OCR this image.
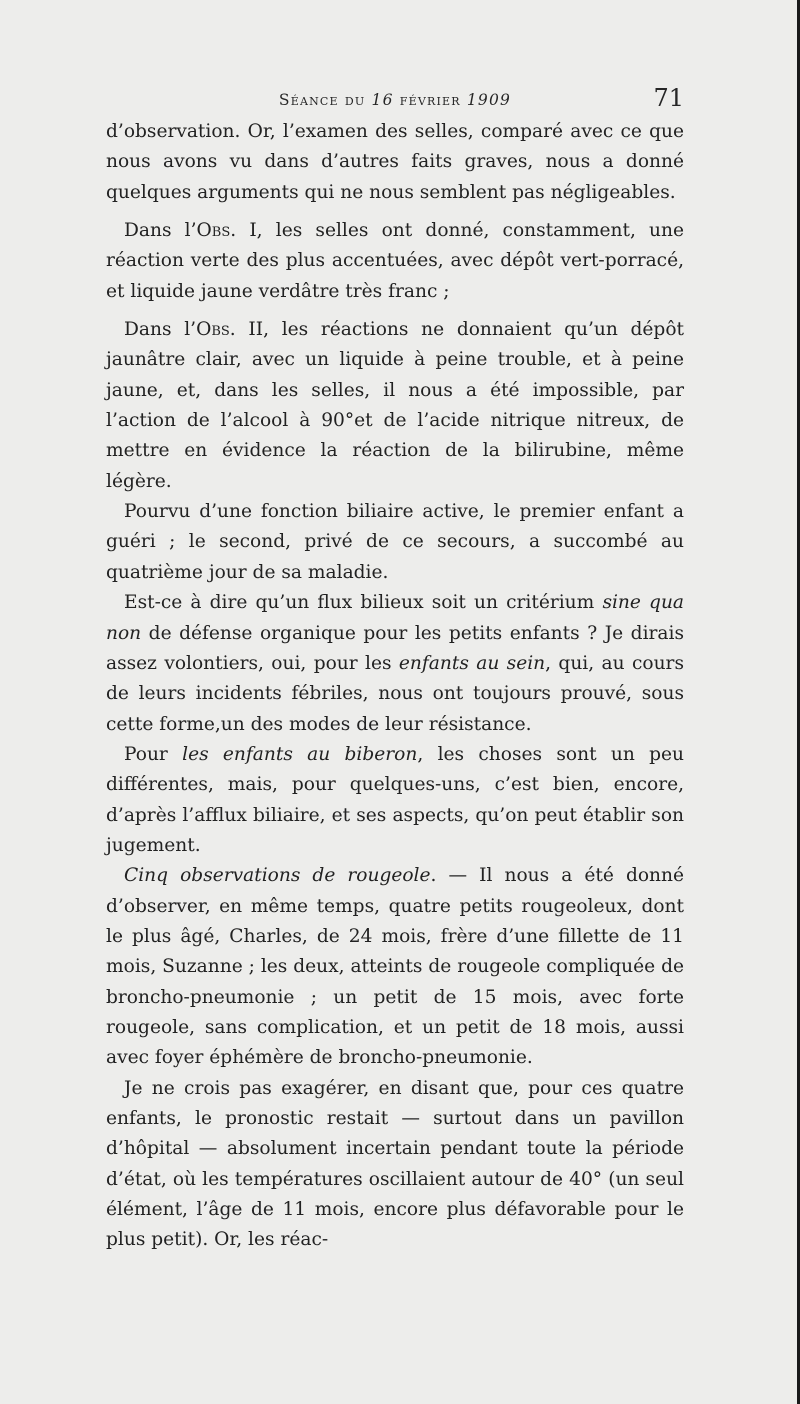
Séance du 16 février 1909	71

d’observation. Or, l’examen des selles, comparé avec ce que nous avons vu dans d’autres faits graves, nous a donné quelques arguments qui ne nous semblent pas négligeables.

Dans l’Obs. I, les selles ont donné, constamment, une réaction verte des plus accentuées, avec dépôt vert-porracé, et liquide jaune verdâtre très franc ;

Dans l’Obs. II, les réactions ne donnaient qu’un dépôt jaunâtre clair, avec un liquide à peine trouble, et à peine jaune, et, dans les selles, il nous a été impossible, par l’action de l’alcool à 90°et de l’acide nitrique nitreux, de mettre en évidence la réaction de la bilirubine, même légère.

Pourvu d’une fonction biliaire active, le premier enfant a guéri ; le second, privé de ce secours, a succombé au quatrième jour de sa maladie.

Est-ce à dire qu’un flux bilieux soit un critérium sine qua non de défense organique pour les petits enfants ? Je dirais assez volontiers, oui, pour les enfants au sein, qui, au cours de leurs incidents fébriles, nous ont toujours prouvé, sous cette forme,un des modes de leur résistance.

Pour les enfants au biberon, les choses sont un peu différentes, mais, pour quelques-uns, c’est bien, encore, d’après l’afflux biliaire, et ses aspects, qu’on peut établir son jugement.

Cinq observations de rougeole. — Il nous a été donné d’observer, en même temps, quatre petits rougeoleux, dont le plus âgé, Charles, de 24 mois, frère d’une fillette de 11 mois, Suzanne ; les deux, atteints de rougeole compliquée de broncho-pneumonie ; un petit de 15 mois, avec forte rougeole, sans complication, et un petit de 18 mois, aussi avec foyer éphémère de broncho-pneumonie.

Je ne crois pas exagérer, en disant que, pour ces quatre enfants, le pronostic restait — surtout dans un pavillon d’hôpital — absolument incertain pendant toute la période d’état, où les températures oscillaient autour de 40° (un seul élément, l’âge de 11 mois, encore plus défavorable pour le plus petit). Or, les réac-
